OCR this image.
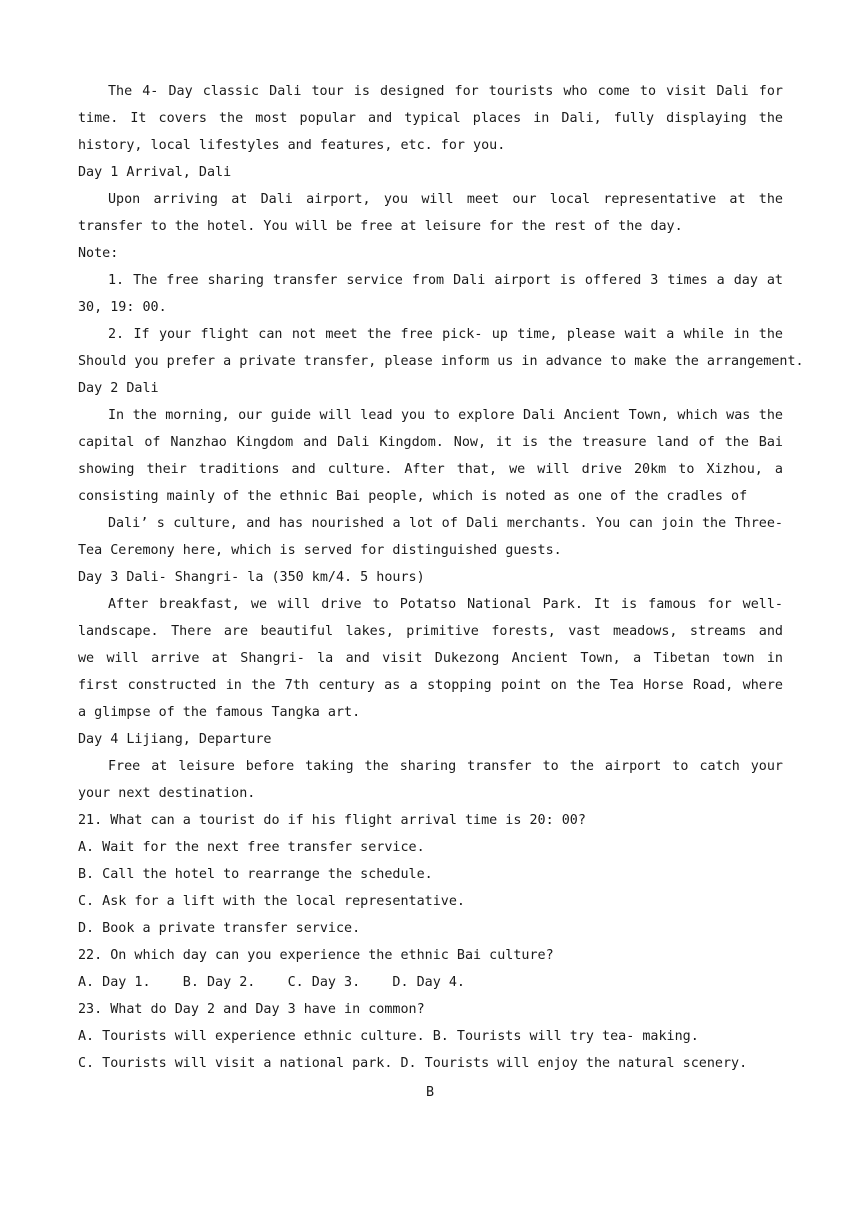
The 4- Day classic Dali tour is designed for tourists who come to visit Dali for
time. It covers the most popular and typical places in Dali, fully displaying the
history, local lifestyles and features, etc. for you.
Day 1 Arrival, Dali
Upon arriving at Dali airport, you will meet our local representative at the
transfer to the hotel. You will be free at leisure for the rest of the day.
Note:
1. The free sharing transfer service from Dali airport is offered 3 times a day at
30, 19: 00.
2. If your flight can not meet the free pick- up time, please wait a while in the
Should you prefer a private transfer, please inform us in advance to make the arrangement.
Day 2 Dali
In the morning, our guide will lead you to explore Dali Ancient Town, which was the
capital of Nanzhao Kingdom and Dali Kingdom. Now, it is the treasure land of the Bai
showing their traditions and culture. After that, we will drive 20km to Xizhou, a
consisting mainly of the ethnic Bai people, which is noted as one of the cradles of
Dali’ s culture, and has nourished a lot of Dali merchants. You can join the Three-
Tea Ceremony here, which is served for distinguished guests.
Day 3 Dali- Shangri- la (350 km/4. 5 hours)
After breakfast, we will drive to Potatso National Park. It is famous for well-
landscape. There are beautiful lakes, primitive forests, vast meadows, streams and
we will arrive at Shangri- la and visit Dukezong Ancient Town, a Tibetan town in
first constructed in the 7th century as a stopping point on the Tea Horse Road, where
a glimpse of the famous Tangka art.
Day 4 Lijiang, Departure
Free at leisure before taking the sharing transfer to the airport to catch your
your next destination.
21. What can a tourist do if his flight arrival time is 20: 00?
A. Wait for the next free transfer service.
B. Call the hotel to rearrange the schedule.
C. Ask for a lift with the local representative.
D. Book a private transfer service.
22. On which day can you experience the ethnic Bai culture?
A. Day 1.    B. Day 2.    C. Day 3.    D. Day 4.
23. What do Day 2 and Day 3 have in common?
A. Tourists will experience ethnic culture. B. Tourists will try tea- making.
C. Tourists will visit a national park. D. Tourists will enjoy the natural scenery.
B
